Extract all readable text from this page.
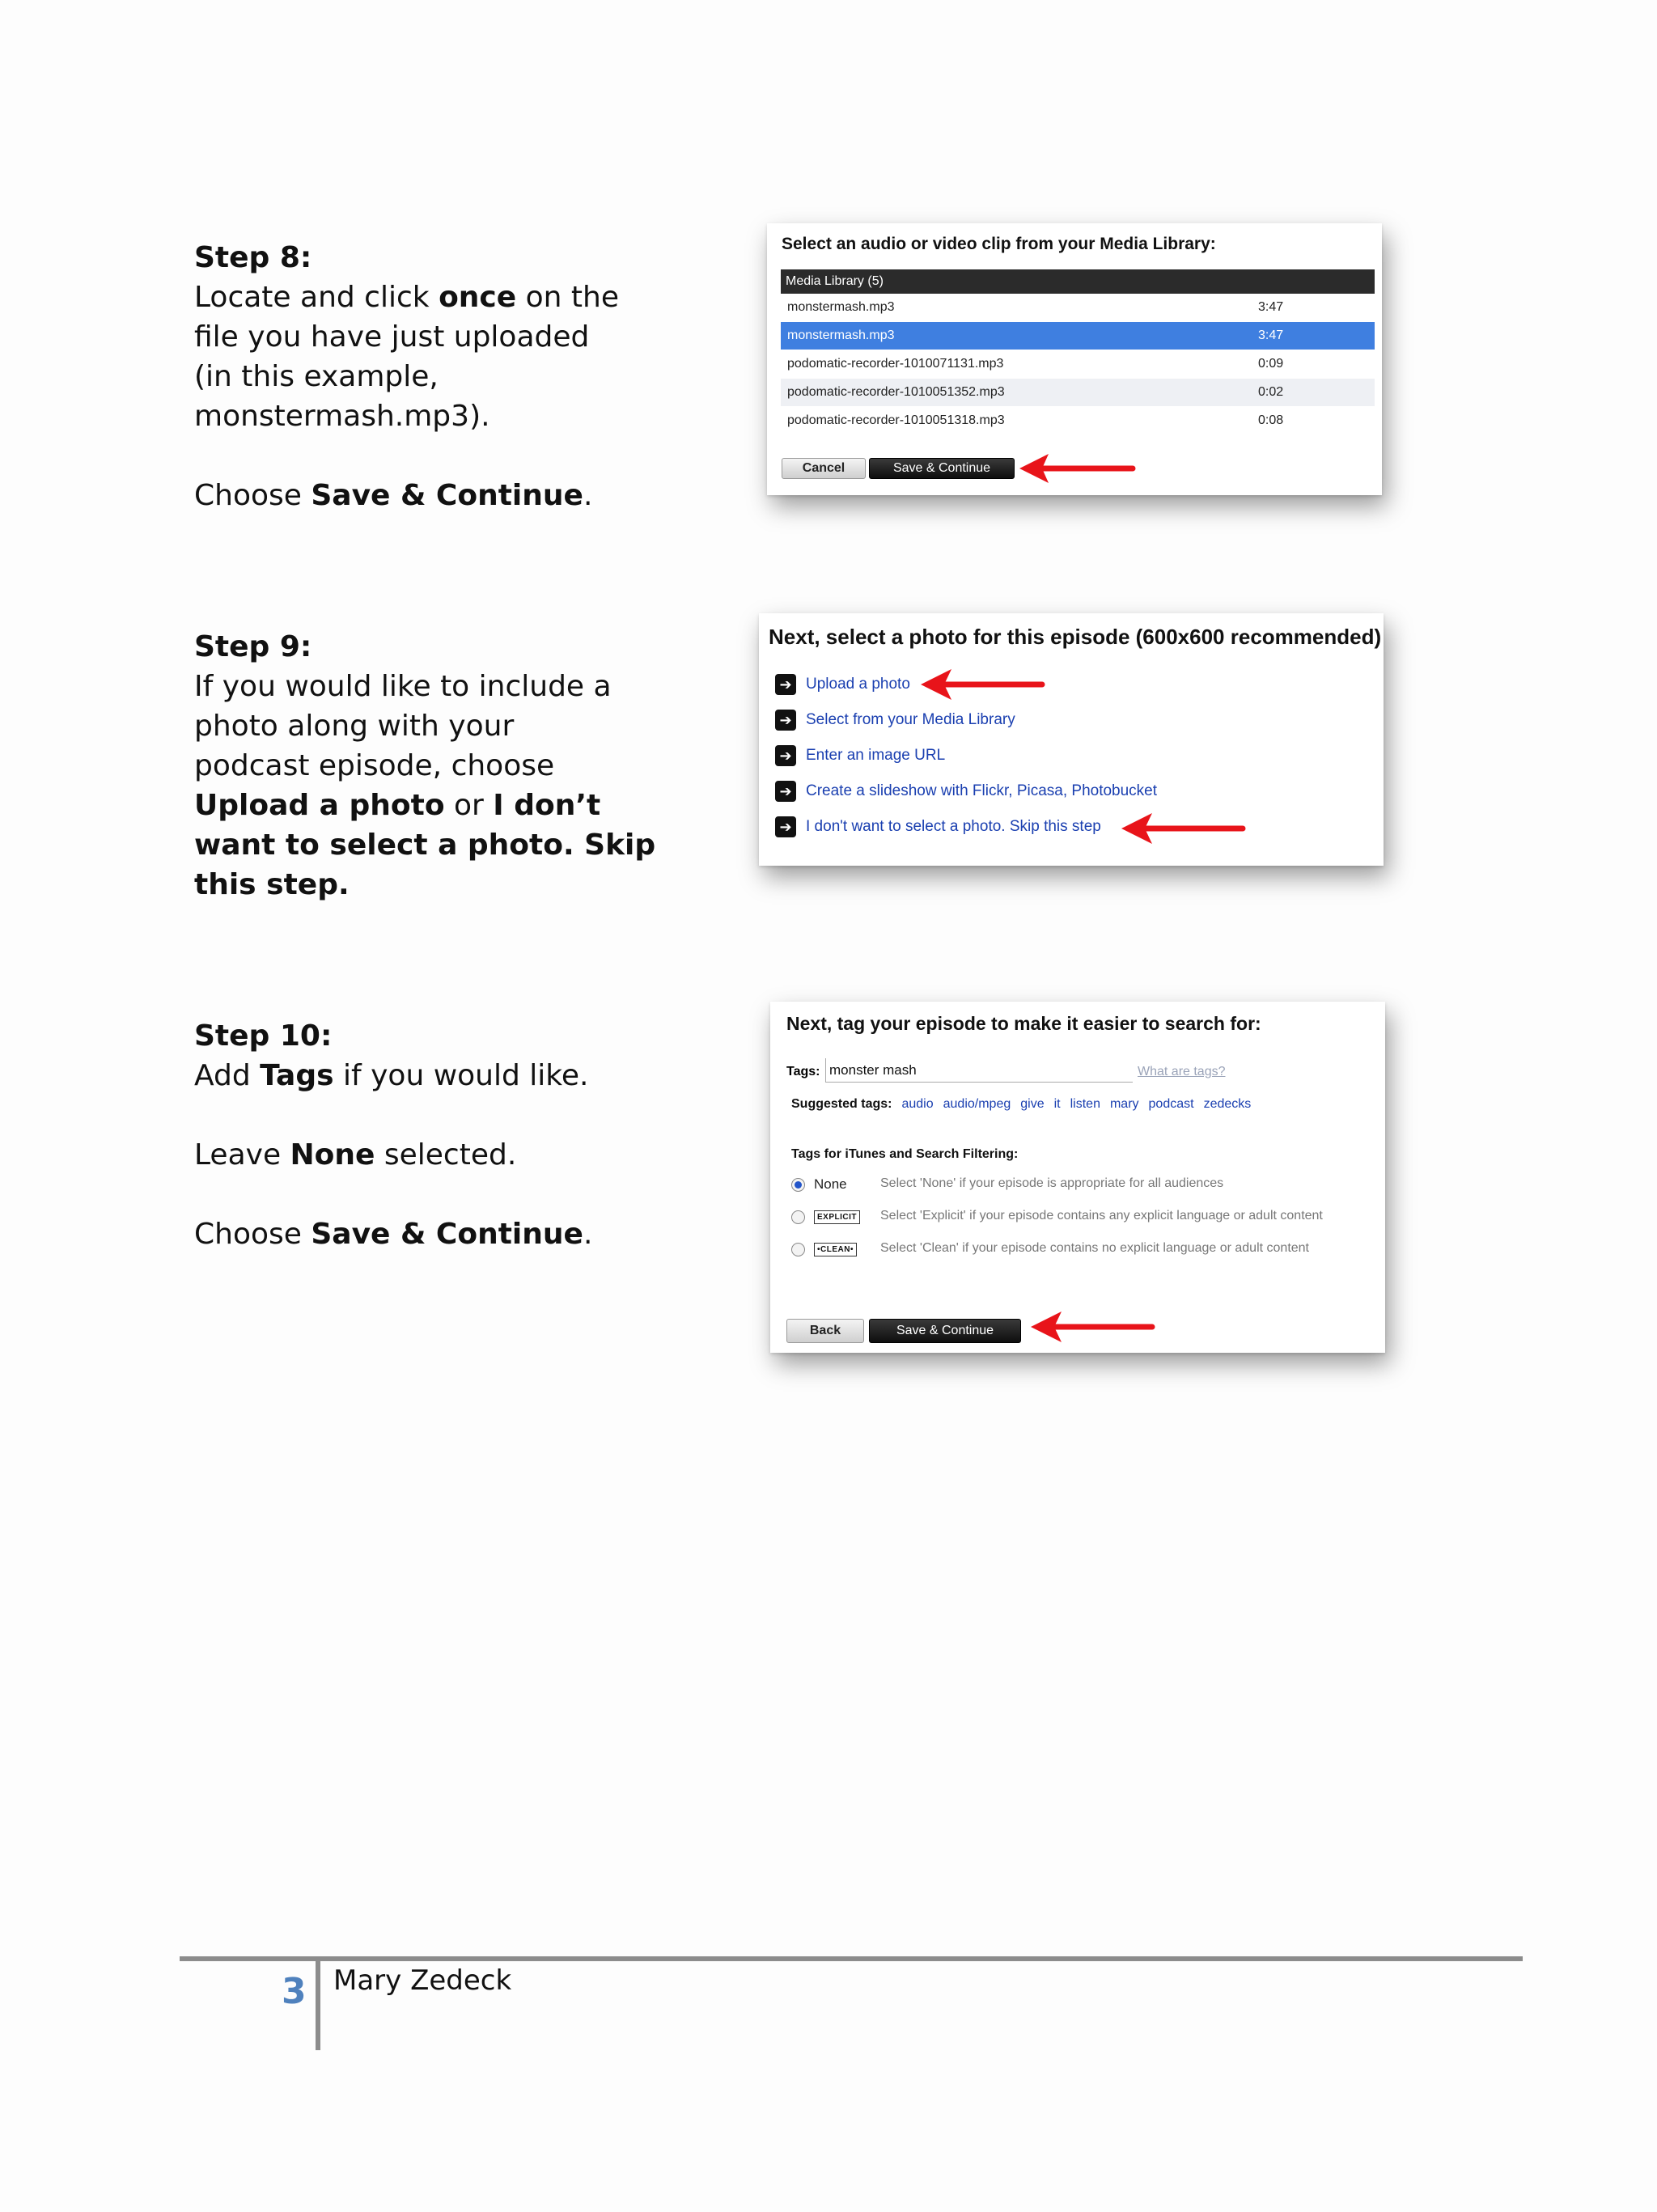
Step 8:
Locate and click once on the
file you have just uploaded
(in this example,
monstermash.mp3).
Choose Save & Continue.
Step 9:
If you would like to include a
photo along with your
podcast episode, choose
Upload a photo or I don’t
want to select a photo. Skip
this step.
Step 10:
Add Tags if you would like.
Leave None selected.
Choose Save & Continue.
Select an audio or video clip from your Media Library:
Media Library (5)
monstermash.mp3	3:47
monstermash.mp3	3:47
podomatic-recorder-1010071131.mp3	0:09
podomatic-recorder-1010051352.mp3	0:02
podomatic-recorder-1010051318.mp3	0:08
Cancel	Save & Continue
Next, select a photo for this episode (600x600 recommended)
➔ Upload a photo
➔ Select from your Media Library
➔ Enter an image URL
➔ Create a slideshow with Flickr, Picasa, Photobucket
➔ I don't want to select a photo. Skip this step
Next, tag your episode to make it easier to search for:
Tags:
monster mash	What are tags?
Suggested tags: audio audio/mpeg give it listen mary podcast zedecks
Tags for iTunes and Search Filtering:
None	Select 'None' if your episode is appropriate for all audiences
EXPLICIT Select 'Explicit' if your episode contains any explicit language or adult content
•CLEAN• Select 'Clean' if your episode contains no explicit language or adult content
Back	Save & Continue
3 Mary Zedeck
